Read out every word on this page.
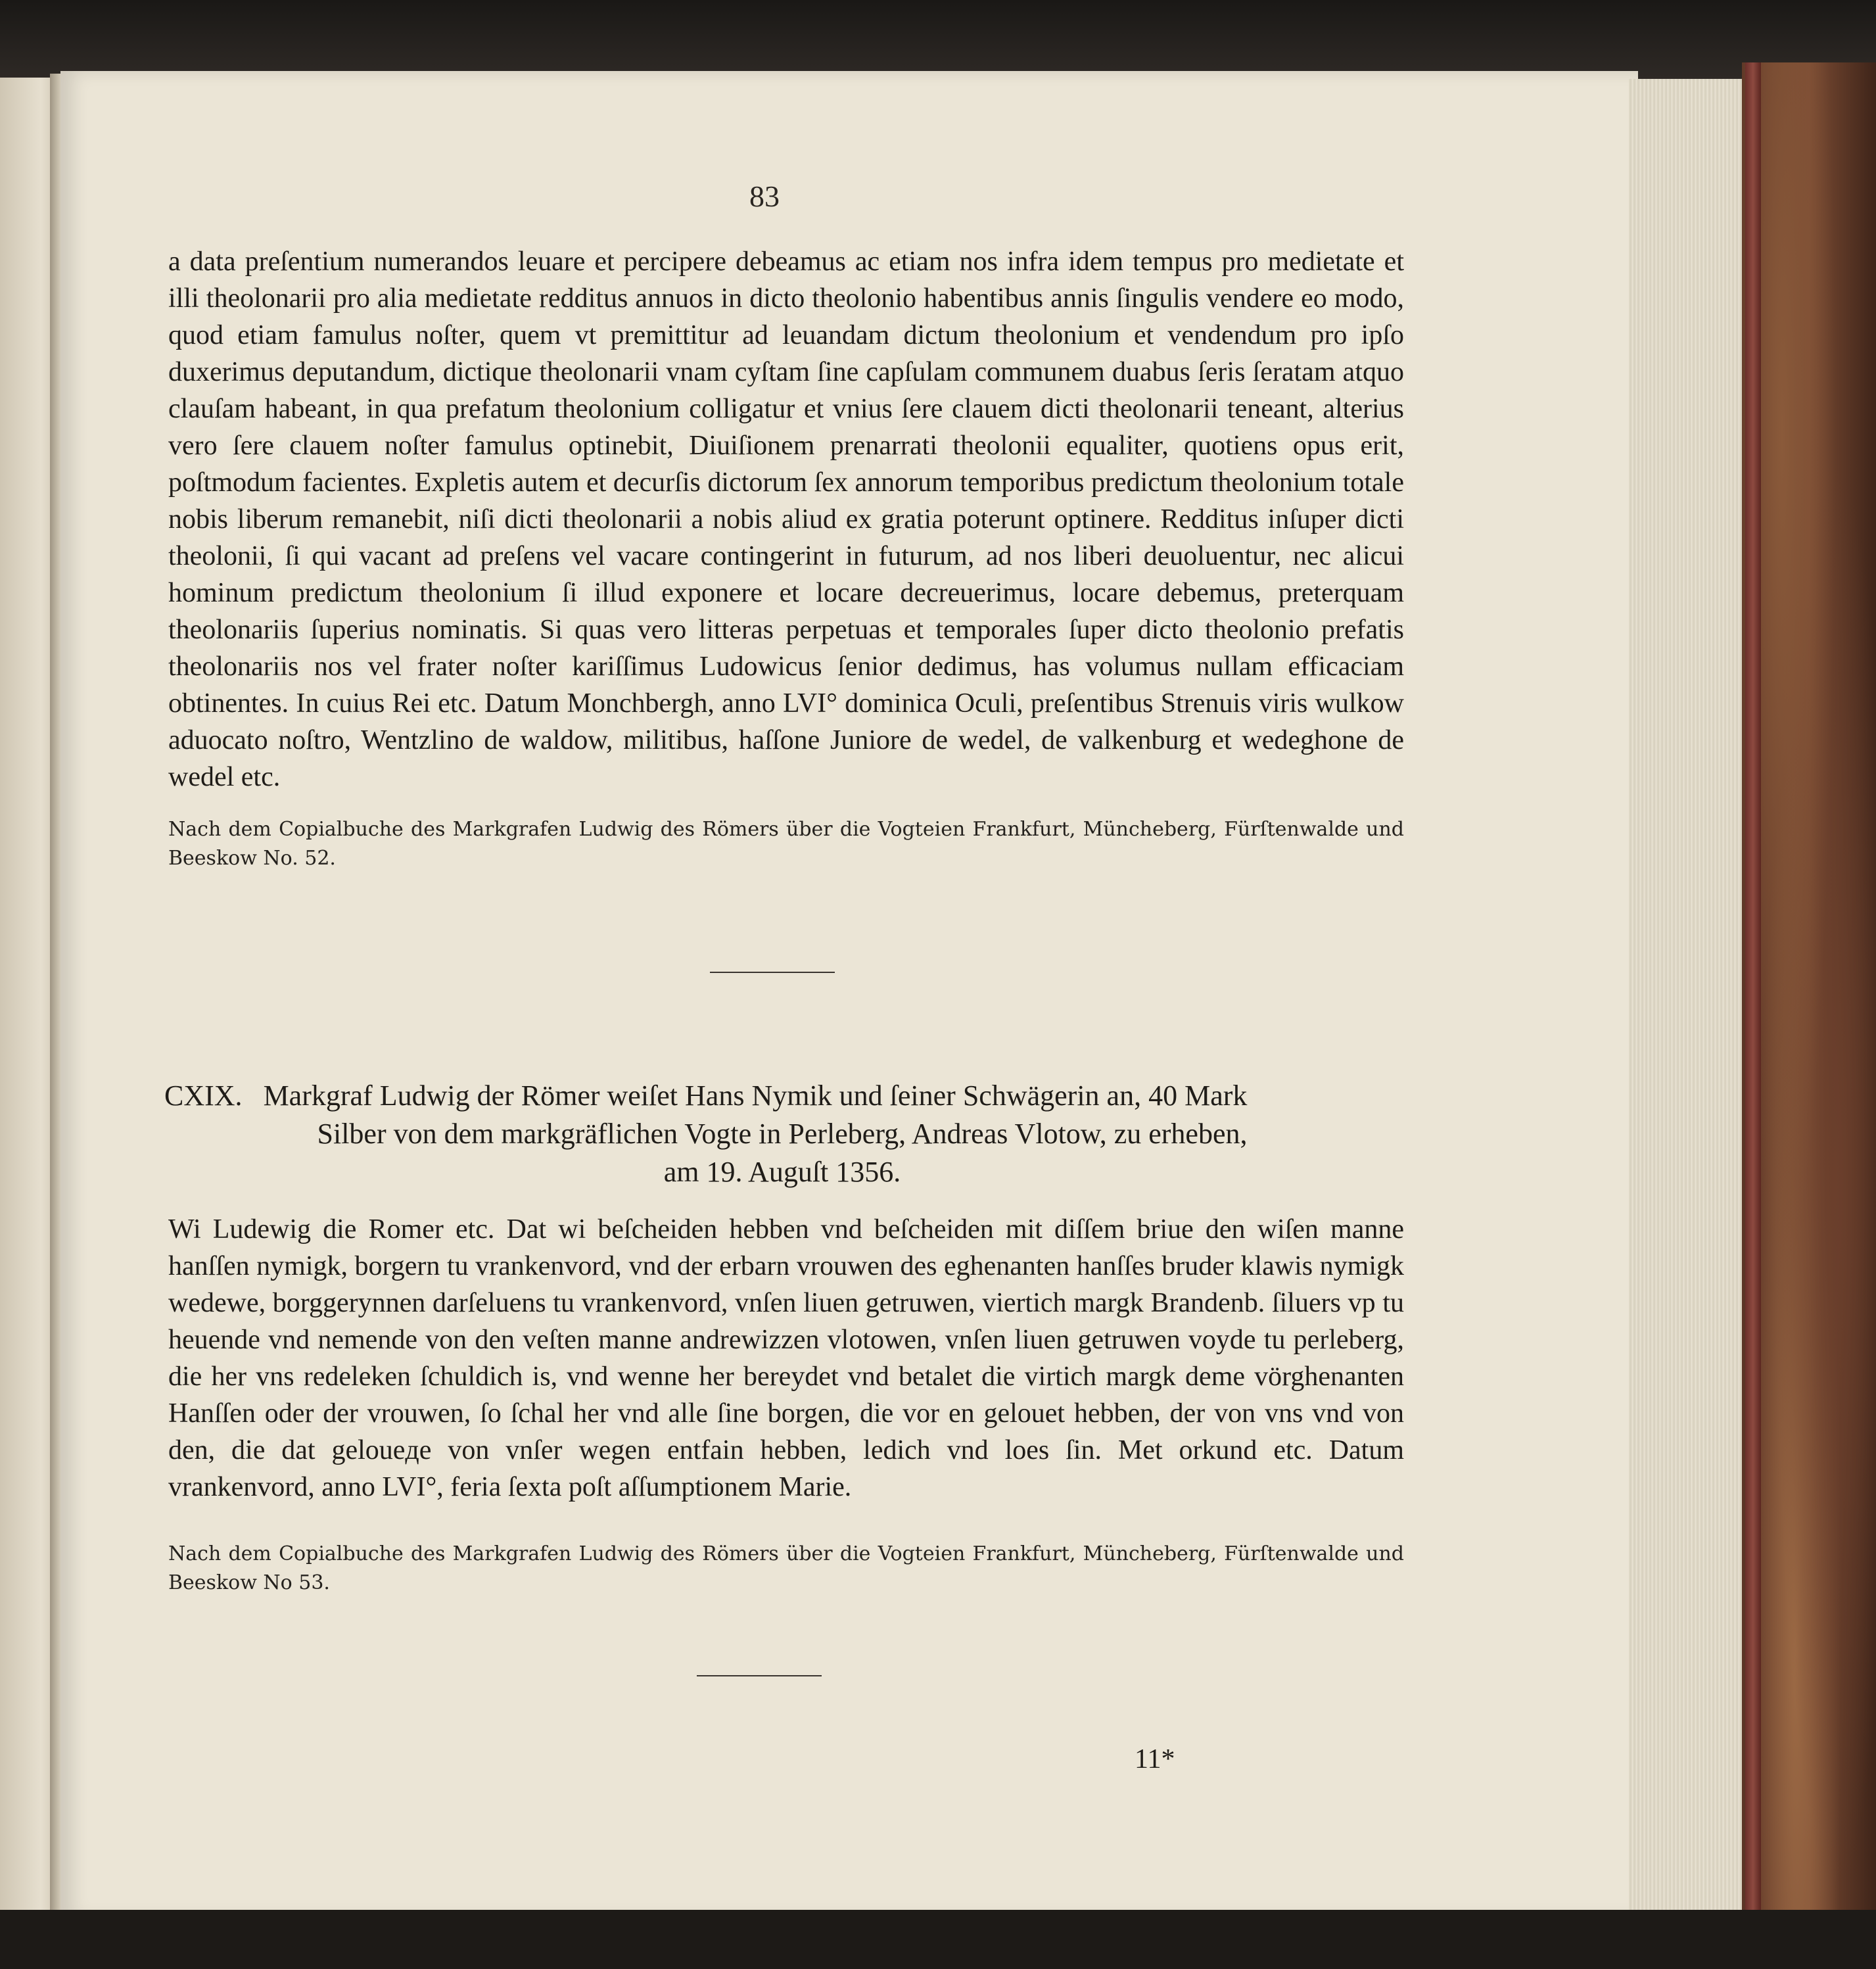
83
a data preſentium numerandos leuare et percipere debeamus ac etiam nos infra idem tempus pro medietate et illi theolonarii pro alia medietate redditus annuos in dicto theolonio habentibus annis ſingulis vendere eo modo, quod etiam famulus noſter, quem vt premittitur ad leuandam dictum theolonium et vendendum pro ipſo duxerimus deputandum, dictique theolonarii vnam cyſtam ſine capſulam communem duabus ſeris ſeratam atquo clauſam habeant, in qua prefatum theolonium colligatur et vnius ſere clauem dicti theolonarii teneant, alterius vero ſere clauem noſter famulus optinebit, Diuiſionem prenarrati theolonii equaliter, quotiens opus erit, poſtmodum facientes. Expletis autem et decurſis dictorum ſex annorum temporibus predictum theolonium totale nobis liberum remanebit, niſi dicti theolonarii a nobis aliud ex gratia poterunt optinere. Redditus inſuper dicti theolonii, ſi qui vacant ad preſens vel vacare contingerint in futurum, ad nos liberi deuoluentur, nec alicui hominum predictum theolonium ſi illud exponere et locare decreuerimus, locare debemus, preterquam theolonariis ſuperius nominatis. Si quas vero litteras perpetuas et temporales ſuper dicto theolonio prefatis theolonariis nos vel frater noſter kariſſimus Ludowicus ſenior dedimus, has volumus nullam efficaciam obtinentes. In cuius Rei etc. Datum Monchbergh, anno LVI° dominica Oculi, preſentibus Strenuis viris wulkow aduocato noſtro, Wentzlino de waldow, militibus, haſſone Juniore de wedel, de valkenburg et wedeghone de wedel etc.
Nach dem Copialbuche des Markgrafen Ludwig des Römers über die Vogteien Frankfurt, Müncheberg, Fürſtenwalde und Beeskow No. 52.
CXIX. Markgraf Ludwig der Römer weiſet Hans Nymik und ſeiner Schwägerin an, 40 Mark
Silber von dem markgräflichen Vogte in Perleberg, Andreas Vlotow, zu erheben,
am 19. Auguſt 1356.
Wi Ludewig die Romer etc. Dat wi beſcheiden hebben vnd beſcheiden mit diſſem briue den wiſen manne hanſſen nymigk, borgern tu vrankenvord, vnd der erbarn vrouwen des eghenanten hanſſes bruder klawis nymigk wedewe, borggerynnen darſeluens tu vrankenvord, vnſen liuen getruwen, viertich margk Brandenb. ſiluers vp tu heuende vnd nemende von den veſten manne andrewizzen vlotowen, vnſen liuen getruwen voyde tu perleberg, die her vns redeleken ſchuldich is, vnd wenne her bereydet vnd betalet die virtich margk deme vörghenanten Hanſſen oder der vrouwen, ſo ſchal her vnd alle ſine borgen, die vor en gelouet hebben, der von vns vnd von den, die dat geloueде von vnſer wegen entfain hebben, ledich vnd loes ſin. Met orkund etc. Datum vrankenvord, anno LVI°, feria ſexta poſt aſſumptionem Marie.
Nach dem Copialbuche des Markgrafen Ludwig des Römers über die Vogteien Frankfurt, Müncheberg, Fürſtenwalde und Beeskow No 53.
11*
